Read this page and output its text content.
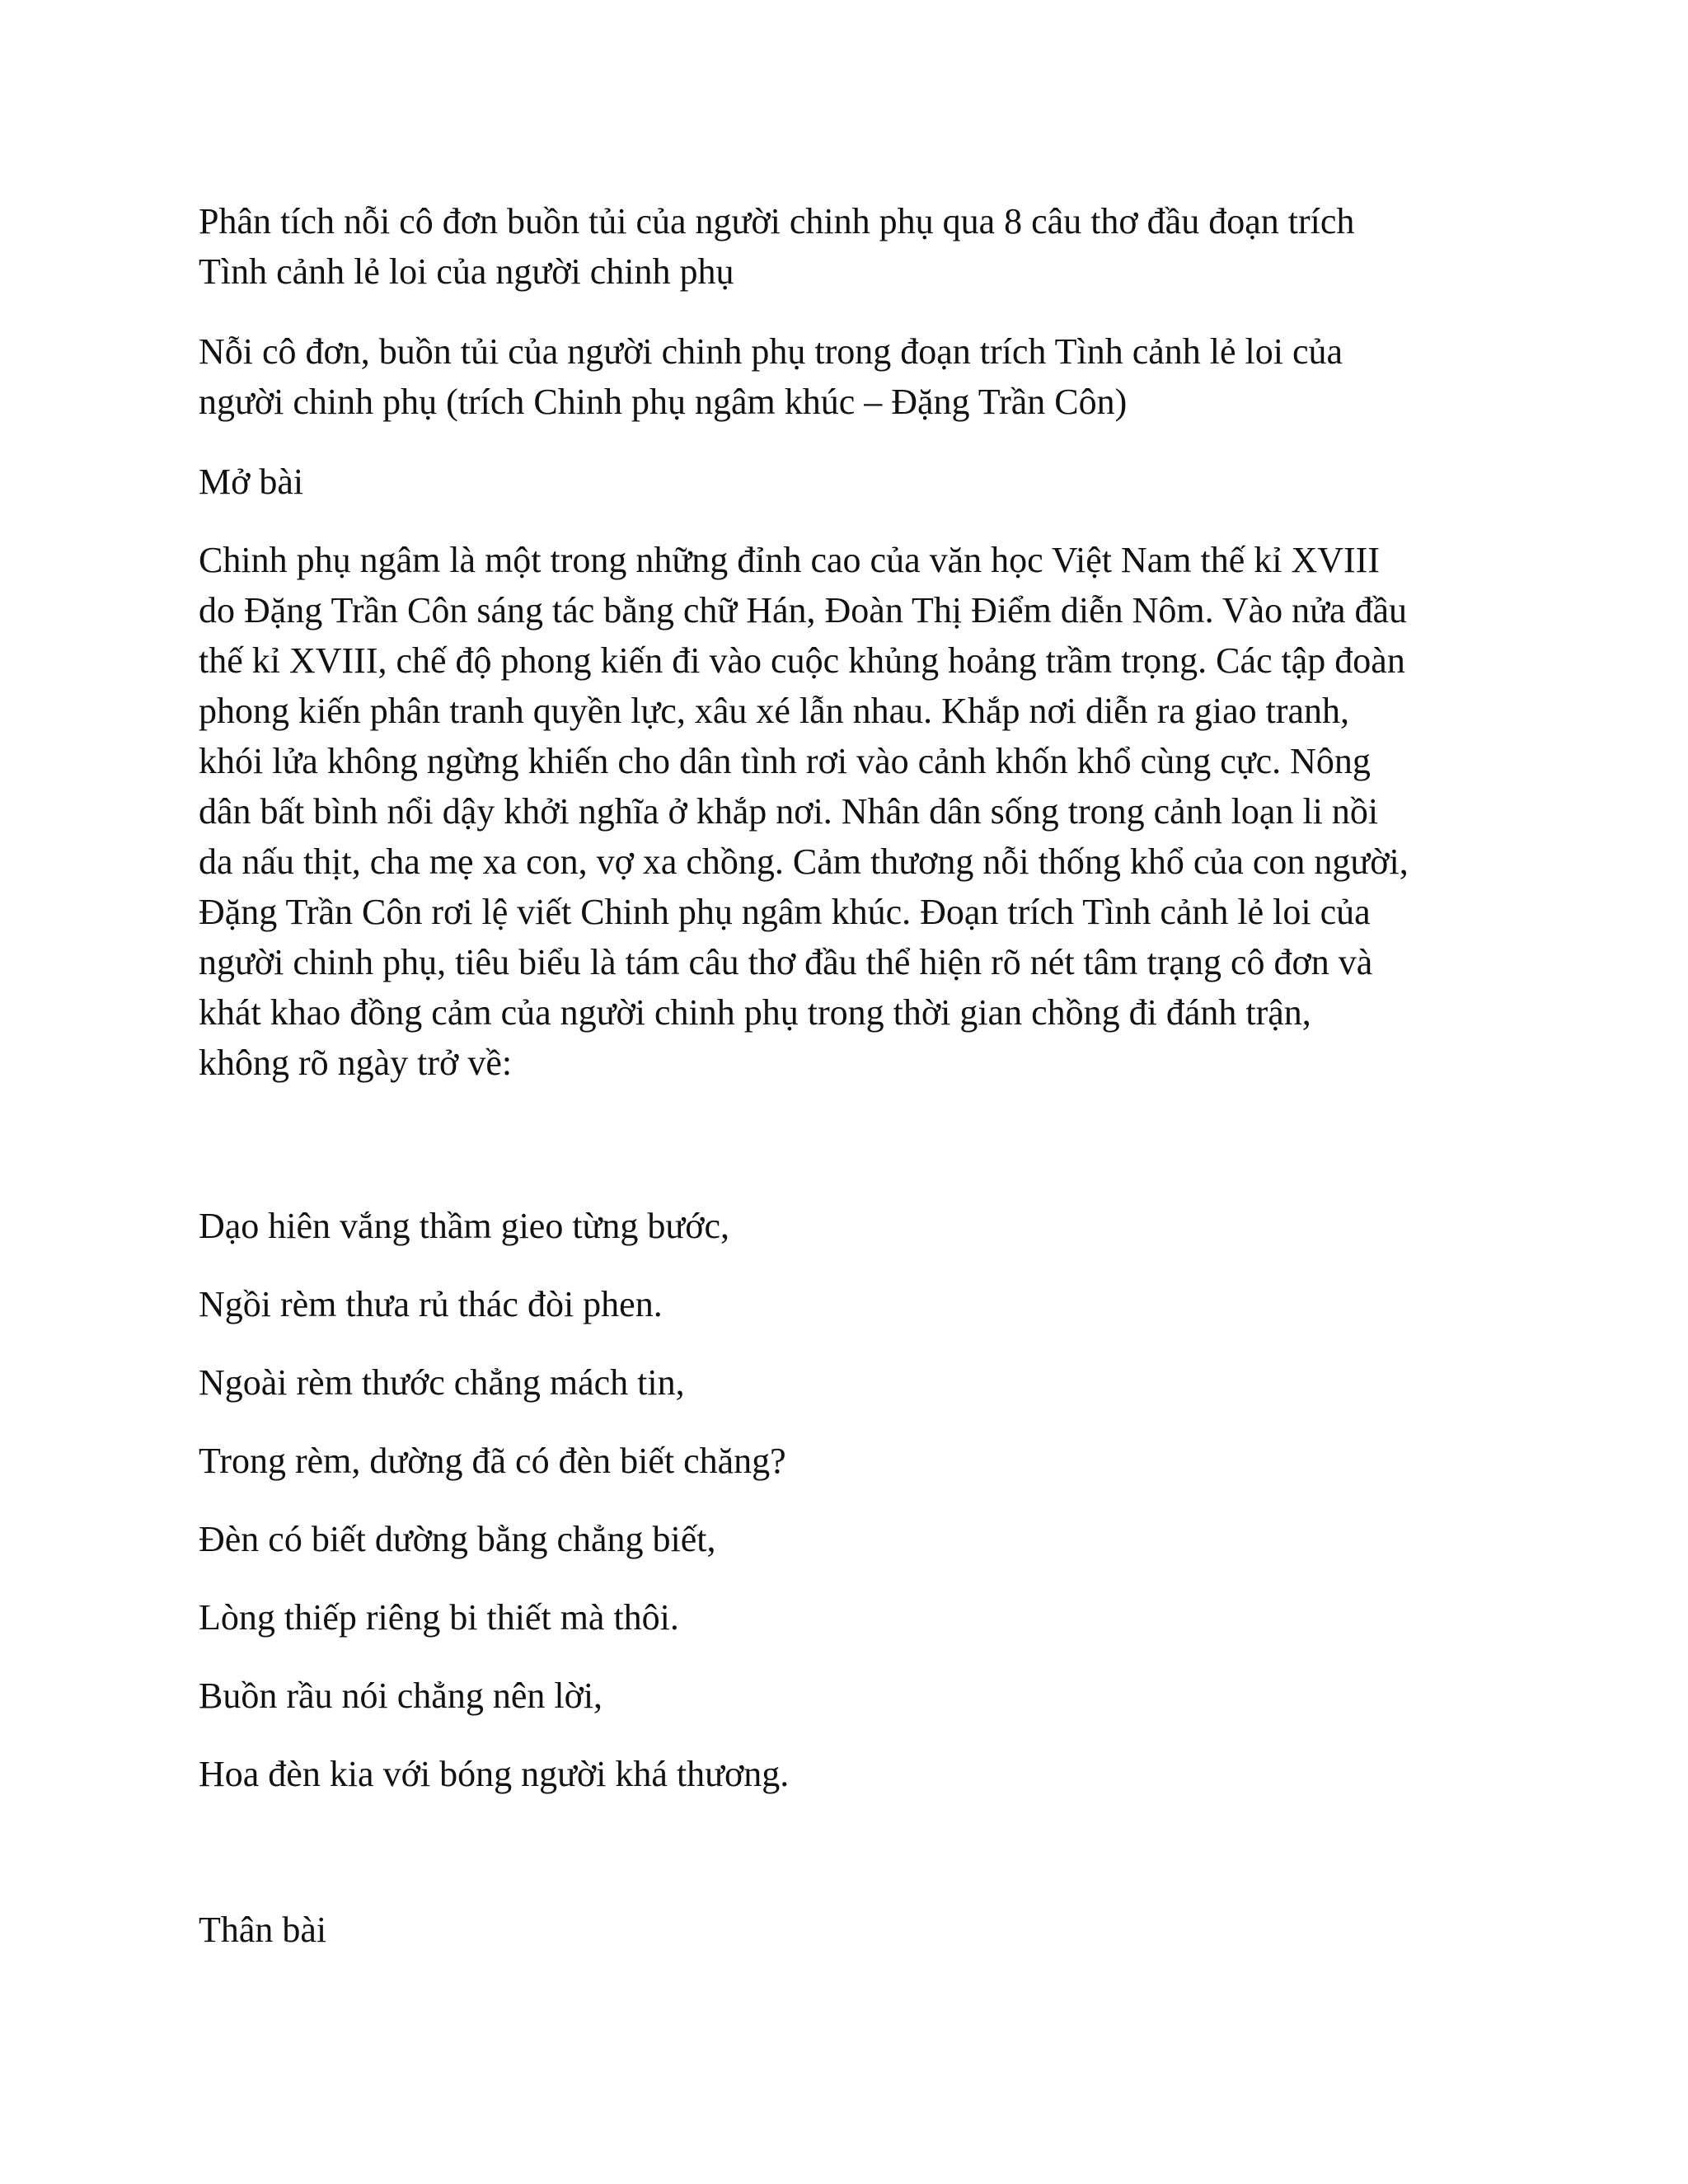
Phân tích nỗi cô đơn buồn tủi của người chinh phụ qua 8 câu thơ đầu đoạn trích
Tình cảnh lẻ loi của người chinh phụ

Nỗi cô đơn, buồn tủi của người chinh phụ trong đoạn trích Tình cảnh lẻ loi của
người chinh phụ (trích Chinh phụ ngâm khúc – Đặng Trần Côn)

Mở bài

Chinh phụ ngâm là một trong những đỉnh cao của văn học Việt Nam thế kỉ XVIII
do Đặng Trần Côn sáng tác bằng chữ Hán, Đoàn Thị Điểm diễn Nôm. Vào nửa đầu
thế kỉ XVIII, chế độ phong kiến đi vào cuộc khủng hoảng trầm trọng. Các tập đoàn
phong kiến phân tranh quyền lực, xâu xé lẫn nhau. Khắp nơi diễn ra giao tranh,
khói lửa không ngừng khiến cho dân tình rơi vào cảnh khốn khổ cùng cực. Nông
dân bất bình nổi dậy khởi nghĩa ở khắp nơi. Nhân dân sống trong cảnh loạn li nồi
da nấu thịt, cha mẹ xa con, vợ xa chồng. Cảm thương nỗi thống khổ của con người,
Đặng Trần Côn rơi lệ viết Chinh phụ ngâm khúc. Đoạn trích Tình cảnh lẻ loi của
người chinh phụ, tiêu biểu là tám câu thơ đầu thể hiện rõ nét tâm trạng cô đơn và
khát khao đồng cảm của người chinh phụ trong thời gian chồng đi đánh trận,
không rõ ngày trở về:

Dạo hiên vắng thầm gieo từng bước,

Ngồi rèm thưa rủ thác đòi phen.

Ngoài rèm thước chẳng mách tin,

Trong rèm, dường đã có đèn biết chăng?

Đèn có biết dường bằng chẳng biết,

Lòng thiếp riêng bi thiết mà thôi.

Buồn rầu nói chẳng nên lời,

Hoa đèn kia với bóng người khá thương.

Thân bài
